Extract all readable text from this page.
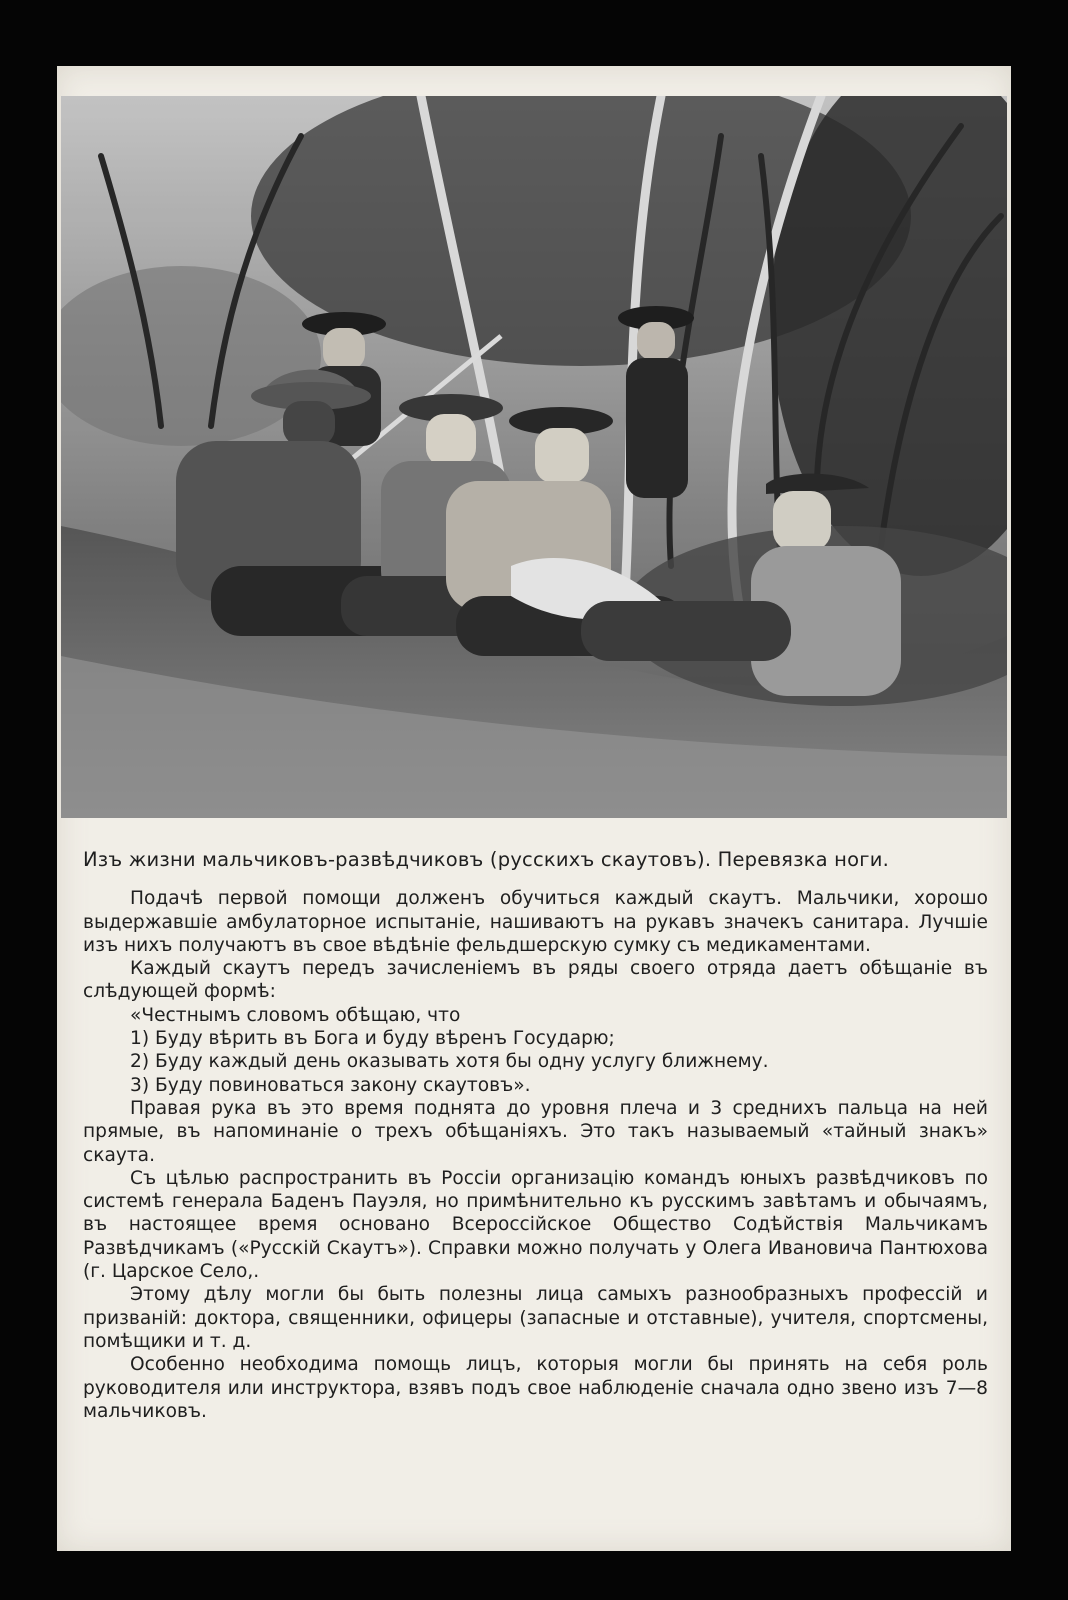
Изъ жизни мальчиковъ-развѣдчиковъ (русскихъ скаутовъ). Перевязка ноги.

Подачѣ первой помощи долженъ обучиться каждый скаутъ. Мальчики, хорошо выдержавшіе амбулаторное испытаніе, нашиваютъ на рукавъ значекъ санитара. Лучшіе изъ нихъ получаютъ въ свое вѣдѣніе фельдшерскую сумку съ медикаментами.

Каждый скаутъ передъ зачисленіемъ въ ряды своего отряда даетъ обѣщаніе въ слѣдующей формѣ:

«Честнымъ словомъ обѣщаю, что

1) Буду вѣрить въ Бога и буду вѣренъ Государю;

2) Буду каждый день оказывать хотя бы одну услугу ближнему.

3) Буду повиноваться закону скаутовъ».

Правая рука въ это время поднята до уровня плеча и 3 среднихъ пальца на ней прямые, въ напоминаніе о трехъ обѣщаніяхъ. Это такъ называемый «тайный знакъ» скаута.

Съ цѣлью распространить въ Россіи организацію командъ юныхъ развѣдчиковъ по системѣ генерала Баденъ Пауэля, но примѣнительно къ русскимъ завѣтамъ и обычаямъ, въ настоящее время основано Всероссійское Общество Содѣйствія Мальчикамъ Развѣдчикамъ («Русскій Скаутъ»). Справки можно получать у Олега Ивановича Пантюхова (г. Царское Село,.

Этому дѣлу могли бы быть полезны лица самыхъ разнообразныхъ профессій и призваній: доктора, священники, офицеры (запасные и отставные), учителя, спортсмены, помѣщики и т. д.

Особенно необходима помощь лицъ, которыя могли бы принять на себя роль руководителя или инструктора, взявъ подъ свое наблюденіе сначала одно звено изъ 7—8 мальчиковъ.
